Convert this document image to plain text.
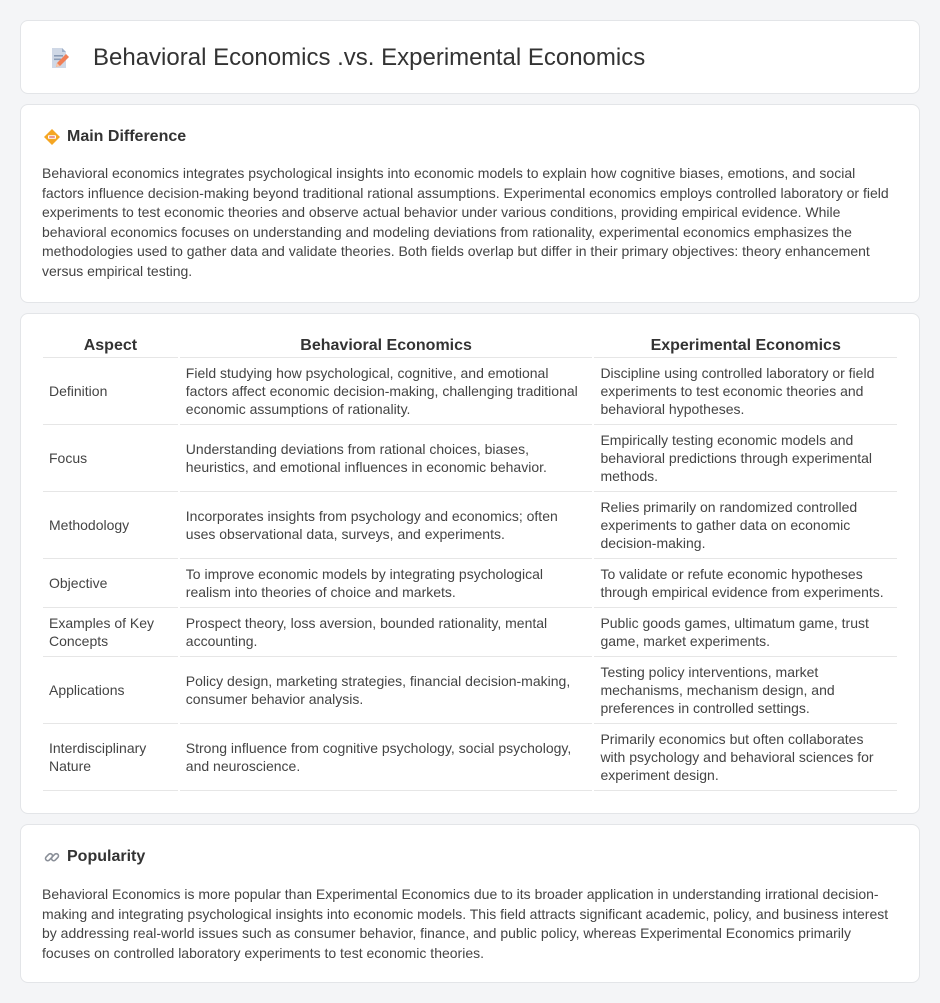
Behavioral Economics .vs. Experimental Economics
Main Difference

Behavioral economics integrates psychological insights into economic models to explain how cognitive biases, emotions, and social factors influence decision-making beyond traditional rational assumptions. Experimental economics employs controlled laboratory or field experiments to test economic theories and observe actual behavior under various conditions, providing empirical evidence. While behavioral economics focuses on understanding and modeling deviations from rationality, experimental economics emphasizes the methodologies used to gather data and validate theories. Both fields overlap but differ in their primary objectives: theory enhancement versus empirical testing.

Aspect	Behavioral Economics	Experimental Economics
Definition	Field studying how psychological, cognitive, and emotional factors affect economic decision-making, challenging traditional economic assumptions of rationality.	Discipline using controlled laboratory or field experiments to test economic theories and behavioral hypotheses.
Focus	Understanding deviations from rational choices, biases, heuristics, and emotional influences in economic behavior.	Empirically testing economic models and behavioral predictions through experimental methods.
Methodology	Incorporates insights from psychology and economics; often uses observational data, surveys, and experiments.	Relies primarily on randomized controlled experiments to gather data on economic decision-making.
Objective	To improve economic models by integrating psychological realism into theories of choice and markets.	To validate or refute economic hypotheses through empirical evidence from experiments.
Examples of Key Concepts	Prospect theory, loss aversion, bounded rationality, mental accounting.	Public goods games, ultimatum game, trust game, market experiments.
Applications	Policy design, marketing strategies, financial decision-making, consumer behavior analysis.	Testing policy interventions, market mechanisms, mechanism design, and preferences in controlled settings.
Interdisciplinary Nature	Strong influence from cognitive psychology, social psychology, and neuroscience.	Primarily economics but often collaborates with psychology and behavioral sciences for experiment design.
Popularity

Behavioral Economics is more popular than Experimental Economics due to its broader application in understanding irrational decision-making and integrating psychological insights into economic models. This field attracts significant academic, policy, and business interest by addressing real-world issues such as consumer behavior, finance, and public policy, whereas Experimental Economics primarily focuses on controlled laboratory experiments to test economic theories.
